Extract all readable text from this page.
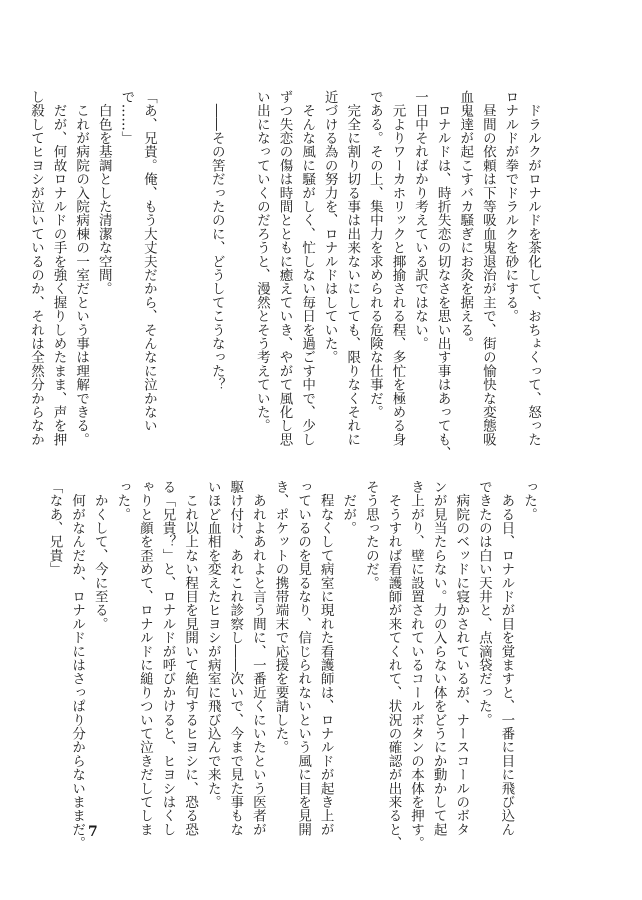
　ドラルクがロナルドを茶化して、おちょくって、怒った
ロナルドが拳でドラルクを砂にする。
　昼間の依頼は下等吸血鬼退治が主で、街の愉快な変態吸
血鬼達が起こすバカ騒ぎにお灸を据える。
　ロナルドは、時折失恋の切なさを思い出す事はあっても、
一日中そればかり考えている訳ではない。
　元よりワーカホリックと揶揄される程、多忙を極める身
である。その上、集中力を求められる危険な仕事だ。
　完全に割り切る事は出来ないにしても、限りなくそれに
近づける為の努力を、ロナルドはしていた。
　そんな風に騒がしく、忙しない毎日を過ごす中で、少し
ずつ失恋の傷は時間とともに癒えていき、やがて風化し思
い出になっていくのだろうと、漫然とそう考えていた。

　――その筈だったのに、どうしてこうなった？

「あ、兄貴。俺、もう大丈夫だから、そんなに泣かない
で……」
　白色を基調とした清潔な空間。
　これが病院の入院病棟の一室だという事は理解できる。
　だが、何故ロナルドの手を強く握りしめたまま、声を押
し殺してヒヨシが泣いているのか、それは全然分からなか
った。
　ある日、ロナルドが目を覚ますと、一番に目に飛び込ん
できたのは白い天井と、点滴袋だった。
　病院のベッドに寝かされているが、ナースコールのボタ
ンが見当たらない。力の入らない体をどうにか動かして起
き上がり、壁に設置されているコールボタンの本体を押す。
　そうすれば看護師が来てくれて、状況の確認が出来ると、
そう思ったのだ。
　だが。
　程なくして病室に現れた看護師は、ロナルドが起き上が
っているのを見るなり、信じられないという風に目を見開
き、ポケットの携帯端末で応援を要請した。
　あれよあれよと言う間に、一番近くにいたという医者が
駆け付け、あれこれ診察し――次いで、今まで見た事もな
いほど血相を変えたヒヨシが病室に飛び込んで来た。
　これ以上ない程目を見開いて絶句するヒヨシに、恐る恐
る「兄貴？」と、ロナルドが呼びかけると、ヒヨシはくし
ゃりと顔を歪めて、ロナルドに縋りついて泣きだしてしま
った。
　かくして、今に至る。
　何がなんだか、ロナルドにはさっぱり分からないままだ。
「なあ、兄貴」
7
